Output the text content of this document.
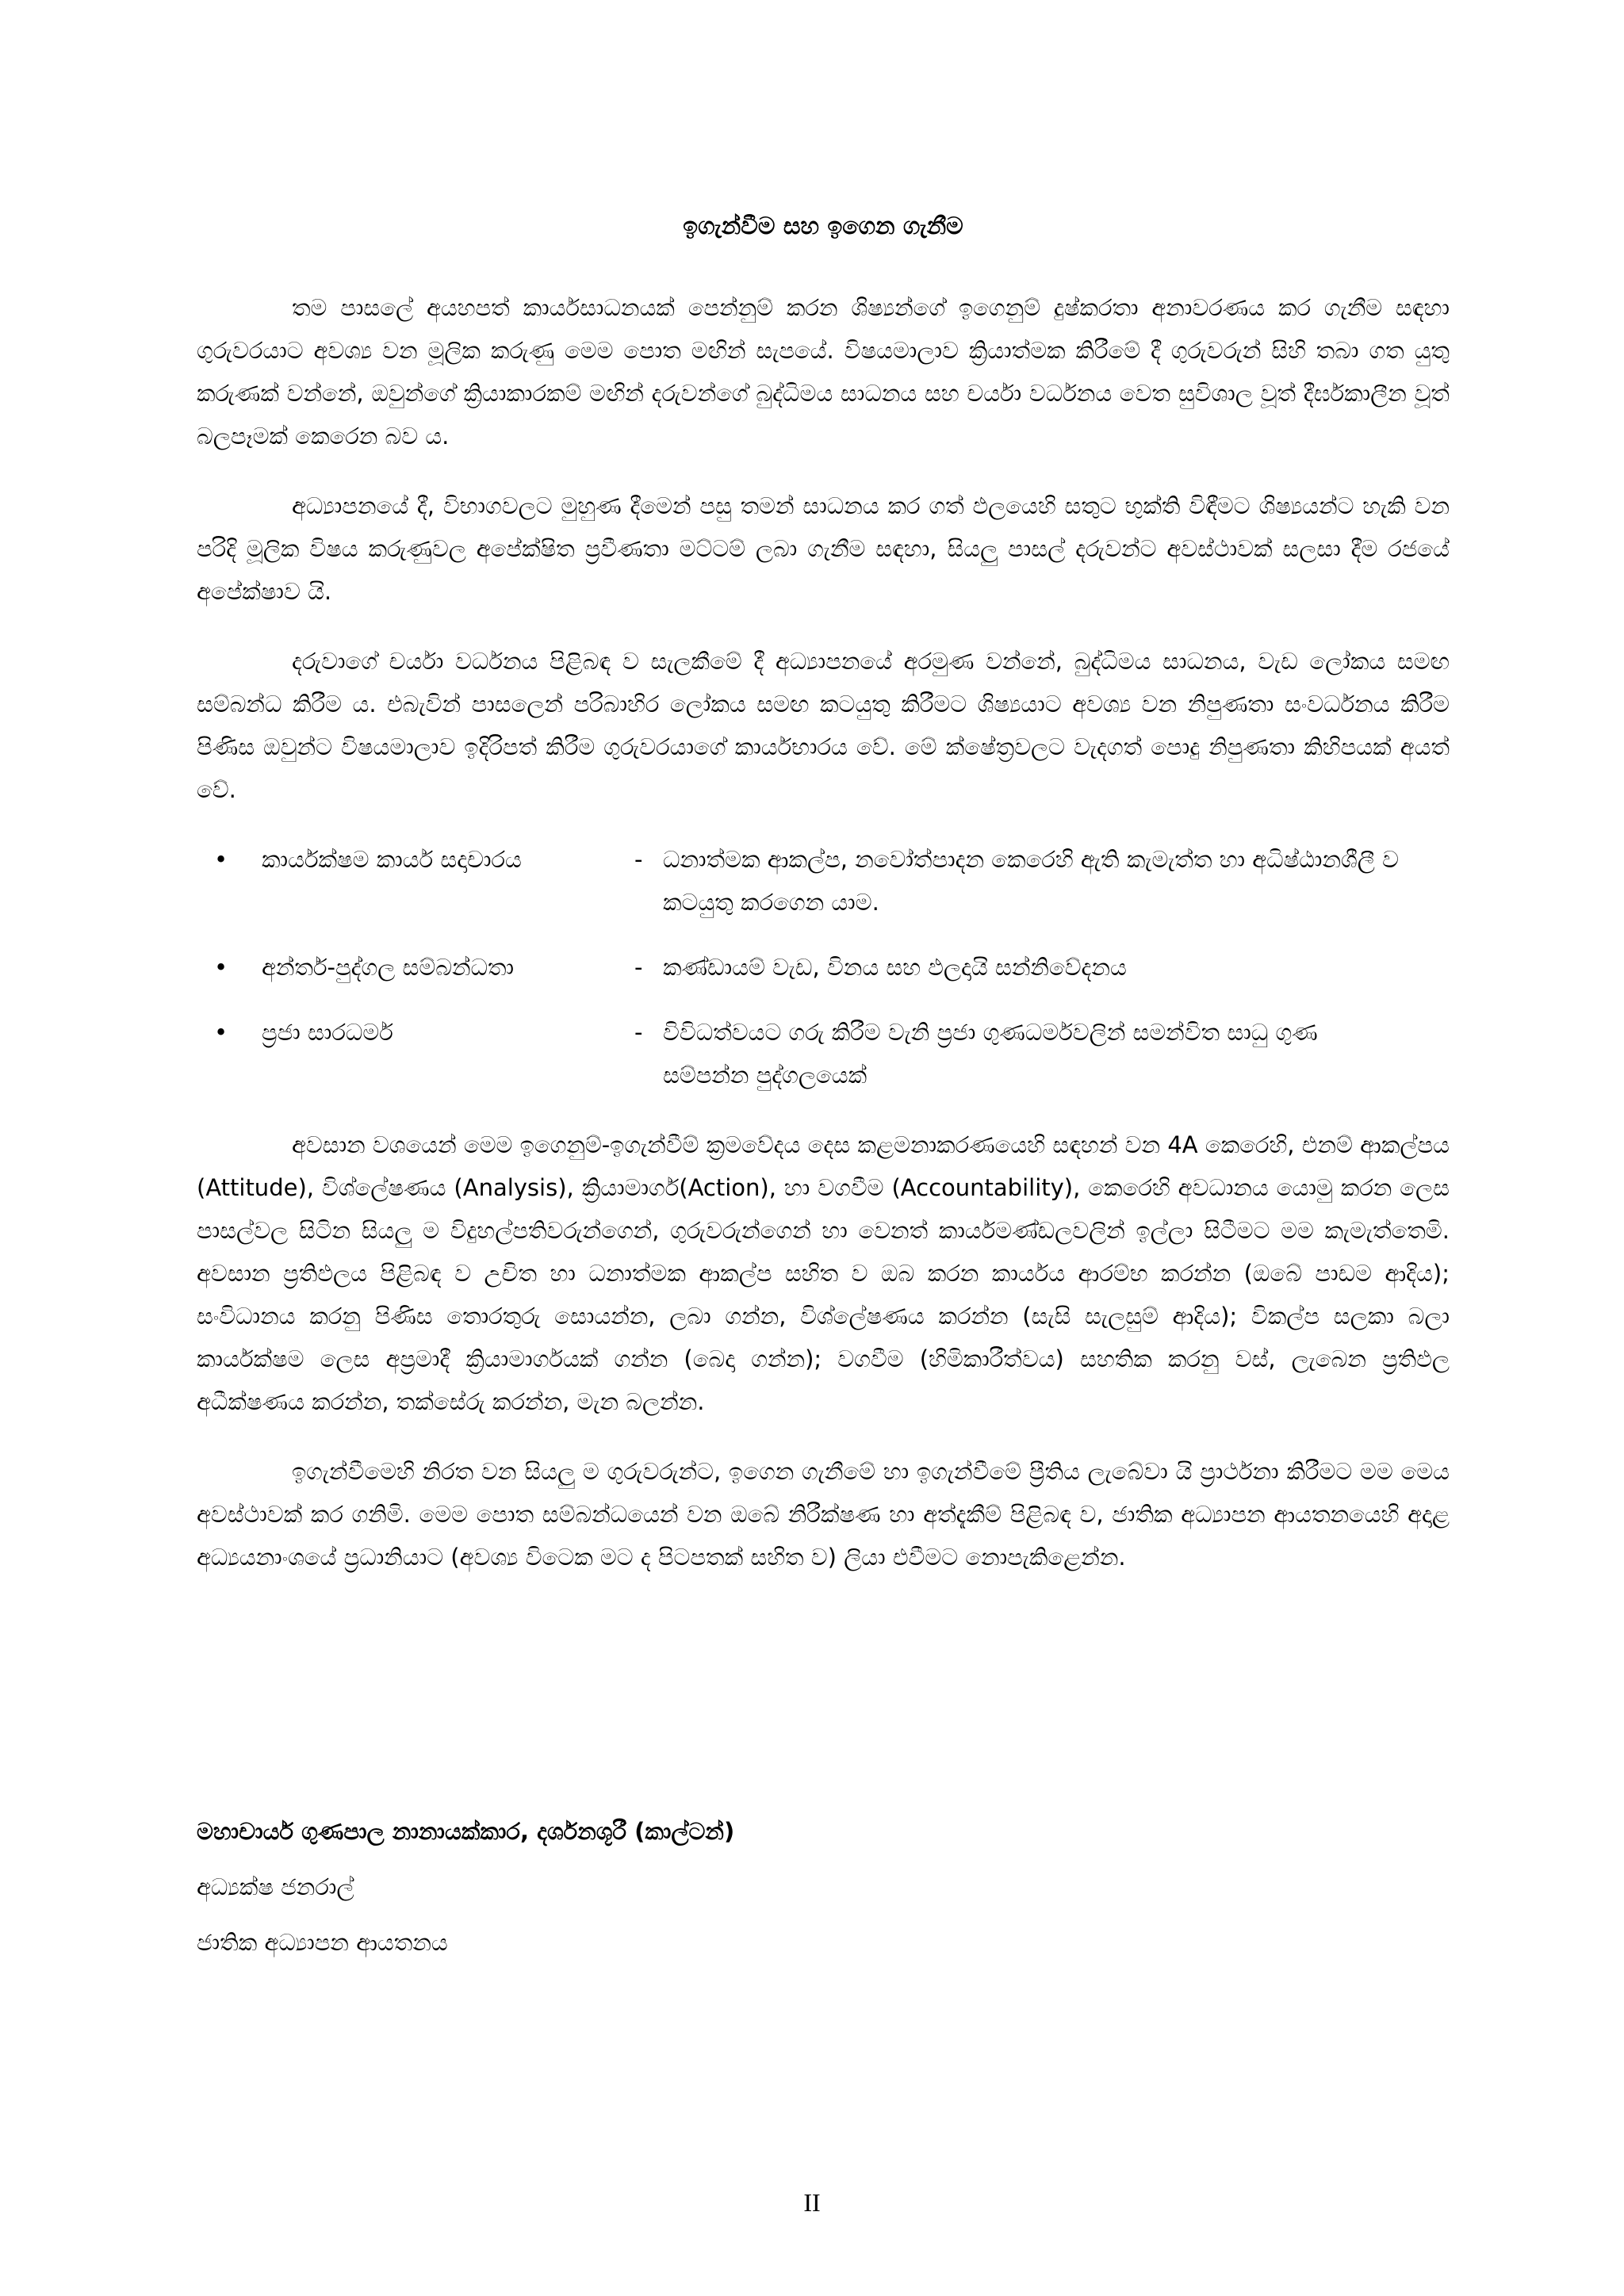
ඉගැන්වීම සහ ඉගෙන ගැනීම

තම පාසලේ අයහපත් කාර්යසාධනයක් පෙන්නුම් කරන ශිෂ්‍යන්ගේ ඉගෙනුම් දුෂ්කරතා අනාවරණය කර ගැනීම සඳහා ගුරුවරයාට අවශ්‍ය වන මූලික කරුණු මෙම පොත මඟින් සැපයේ. විෂයමාලාව ක්‍රියාත්මක කිරීමේ දී ගුරුවරුන් සිහි තබා ගත යුතු කරුණක් වන්නේ, ඔවුන්ගේ ක්‍රියාකාරකම් මඟින් දරුවන්ගේ බුද්ධිමය සාධනය සහ චර්යා වර්ධනය වෙත සුවිශාල වූත් දීර්ඝකාලීන වූත් බලපෑමක් කෙරෙන බව ය.

අධ්‍යාපනයේ දී, විභාගවලට මුහුණ දීමෙන් පසු තමන් සාධනය කර ගත් ඵලයෙහි සතුට භුක්ති විඳීමට ශිෂ්‍යයන්ට හැකි වන පරිදි මූලික විෂය කරුණුවල අපේක්ෂිත ප්‍රවීණතා මට්ටම් ලබා ගැනීම සඳහා, සියලු පාසල් දරුවන්ට අවස්ථාවක් සලසා දීම රජයේ අපේක්ෂාව යි.

දරුවාගේ චර්යා වර්ධනය පිළිබඳ ව සැලකීමේ දී අධ්‍යාපනයේ අරමුණ වන්නේ, බුද්ධිමය සාධනය, වැඩ ලෝකය සමඟ සම්බන්ධ කිරීම ය. එබැවින් පාසලෙන් පරිබාහිර ලෝකය සමඟ කටයුතු කිරීමට ශිෂ්‍යයාට අවශ්‍ය වන නිපුණතා සංවර්ධනය කිරීම පිණිස ඔවුන්ට විෂයමාලාව ඉදිරිපත් කිරීම ගුරුවරයාගේ කාර්යභාරය වේ. මේ ක්ෂේත්‍රවලට වැදගත් පොදු නිපුණතා කිහිපයක් අයත් වේ.

•	කාර්යක්ෂම කාර්ය සදාචාරය	- ධනාත්මක ආකල්ප, නවෝත්පාදන කෙරෙහි ඇති කැමැත්ත හා අධිෂ්ඨානශීලී ව කටයුතු කරගෙන යාම.
•	අන්තර්-පුද්ගල සම්බන්ධතා	- කණ්ඩායම් වැඩ, විනය සහ ඵලදායි සන්නිවේදනය
•	ප්‍රජා සාරධර්ම	- විවිධත්වයට ගරු කිරීම වැනි ප්‍රජා ගුණධර්මවලින් සමන්විත සාධු ගුණ සම්පන්න පුද්ගලයෙක්

අවසාන වශයෙන් මෙම ඉගෙනුම්-ඉගැන්වීම් ක්‍රමවේදය දෙස කළමනාකරණයෙහි සඳහන් වන 4A කෙරෙහි, එනම් ආකල්පය (Attitude), විශ්ලේෂණය (Analysis), ක්‍රියාමාර්ග(Action), හා වගවීම (Accountability), කෙරෙහි අවධානය යොමු කරන ලෙස පාසල්වල සිටින සියලු ම විදුහල්පතිවරුන්ගෙන්, ගුරුවරුන්ගෙන් හා වෙනත් කාර්යමණ්ඩලවලින් ඉල්ලා සිටීමට මම කැමැත්තෙමි. අවසාන ප්‍රතිඵලය පිළිබඳ ව උචිත හා ධනාත්මක ආකල්ප සහිත ව ඔබ කරන කාර්යය ආරම්භ කරන්න (ඔබේ පාඩම ආදිය); සංවිධානය කරනු පිණිස තොරතුරු සොයන්න, ලබා ගන්න, විශ්ලේෂණය කරන්න (සැසි සැලසුම් ආදිය); විකල්ප සලකා බලා කාර්යක්ෂම ලෙස අප්‍රමාදී ක්‍රියාමාර්ගයක් ගන්න (බෙදා ගන්න); වගවීම (හිමිකාරීත්වය) සහතික කරනු වස්, ලැබෙන ප්‍රතිඵල අධීක්ෂණය කරන්න, තක්සේරු කරන්න, මැන බලන්න.

ඉගැන්වීමෙහි නිරත වන සියලු ම ගුරුවරුන්ට, ඉගෙන ගැනීමේ හා ඉගැන්වීමේ ප්‍රීතිය ලැබේවා යි ප්‍රාර්ථනා කිරීමට මම මෙය අවස්ථාවක් කර ගනිමි. මෙම පොත සම්බන්ධයෙන් වන ඔබේ නිරීක්ෂණ හා අත්දැකීම් පිළිබඳ ව, ජාතික අධ්‍යාපන ආයතනයෙහි අදාළ අධ්‍යයනාංශයේ ප්‍රධානියාට (අවශ්‍ය විටෙක මට ද පිටපතක් සහිත ව) ලියා එවීමට නොපැකිළෙන්න.

මහාචාර්ය ගුණපාල නානායක්කාර, දර්ශනශූරී (කාල්ටන්)
අධ්‍යක්ෂ ජනරාල්
ජාතික අධ්‍යාපන ආයතනය
II
